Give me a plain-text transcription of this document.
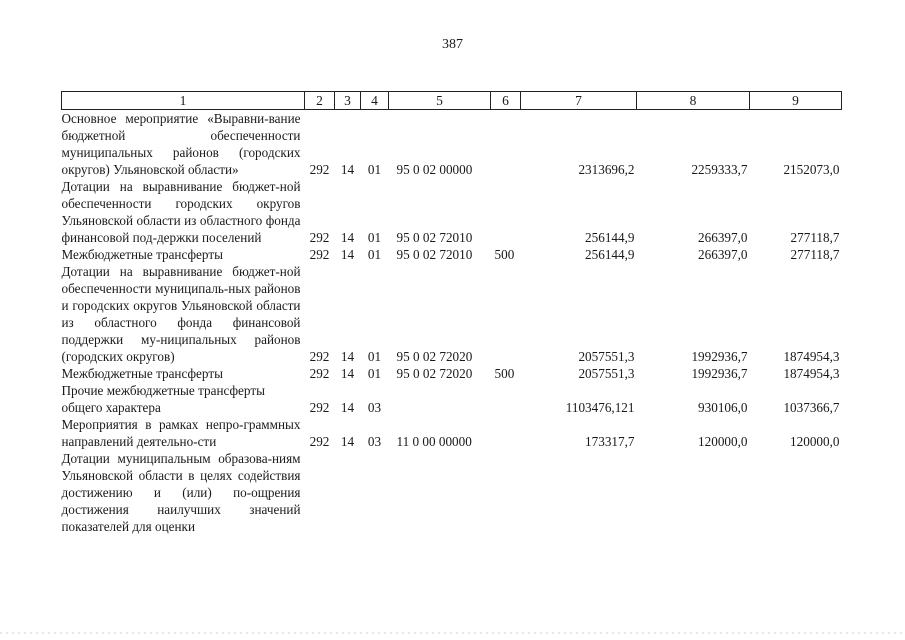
387
1	2	3	4	5	6	7	8	9
Основное мероприятие «Выравни-вание бюджетной обеспеченности муниципальных районов (городских округов) Ульяновской области»	292	14	01	95 0 02 00000		2313696,2	2259333,7	2152073,0
Дотации на выравнивание бюджет-ной обеспеченности городских округов Ульяновской области из областного фонда финансовой под-держки поселений	292	14	01	95 0 02 72010		256144,9	266397,0	277118,7
Межбюджетные трансферты	292	14	01	95 0 02 72010	500	256144,9	266397,0	277118,7
Дотации на выравнивание бюджет-ной обеспеченности муниципаль-ных районов и городских округов Ульяновской области из областного фонда финансовой поддержки му-ниципальных районов (городских округов)	292	14	01	95 0 02 72020		2057551,3	1992936,7	1874954,3
Межбюджетные трансферты	292	14	01	95 0 02 72020	500	2057551,3	1992936,7	1874954,3
Прочие межбюджетные трансферты общего характера	292	14	03			1103476,121	930106,0	1037366,7
Мероприятия в рамках непро-граммных направлений деятельно-сти	292	14	03	11 0 00 00000		173317,7	120000,0	120000,0
Дотации муниципальным образова-ниям Ульяновской области в целях содействия достижению и (или) по-ощрения достижения наилучших значений показателей для оценки								
